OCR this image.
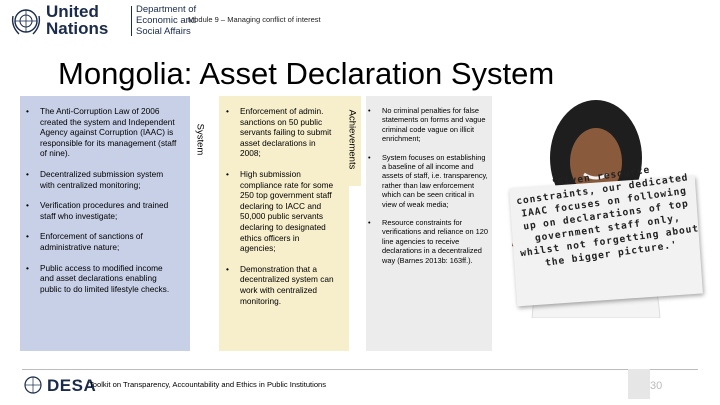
United
Nations
Department of
Economic and
Social Affairs
Module 9 – Managing conflict of interest
Mongolia: Asset Declaration System
System	Achievements
• The Anti-Corruption Law of 2006 created the system and Independent Agency against Corruption (IAAC) is responsible for its management (staff of nine).
• Decentralized submission system with centralized monitoring;
• Verification procedures and trained staff who investigate;
• Enforcement of sanctions of administrative nature;
• Public access to modified income and asset declarations enabling public to do limited lifestyle checks.
• Enforcement of admin. sanctions on 50 public servants failing to submit asset declarations in 2008;
• High submission compliance rate for some 250 top government staff declaring to IACC and 50,000 public servants declaring to designated ethics officers in agencies;
• Demonstration that a decentralized system can work with centralized monitoring.
• No criminal penalties for false statements on forms and vague criminal code vague on illicit enrichment;
• System focuses on establishing a baseline of all income and assets of staff, i.e. transparency, rather than law enforcement which can be seen critical in view of weak media;
• Resource constraints for verifications and reliance on 120 line agencies to receive declarations in a decentralized way (Barnes 2013b: 163ff.).
'Given resource constraints, our dedicated IAAC focuses on following up on declarations of top government staff only, whilst not forgetting about the bigger picture.'
DESA
Toolkit on Transparency, Accountability and Ethics in Public Institutions	30
